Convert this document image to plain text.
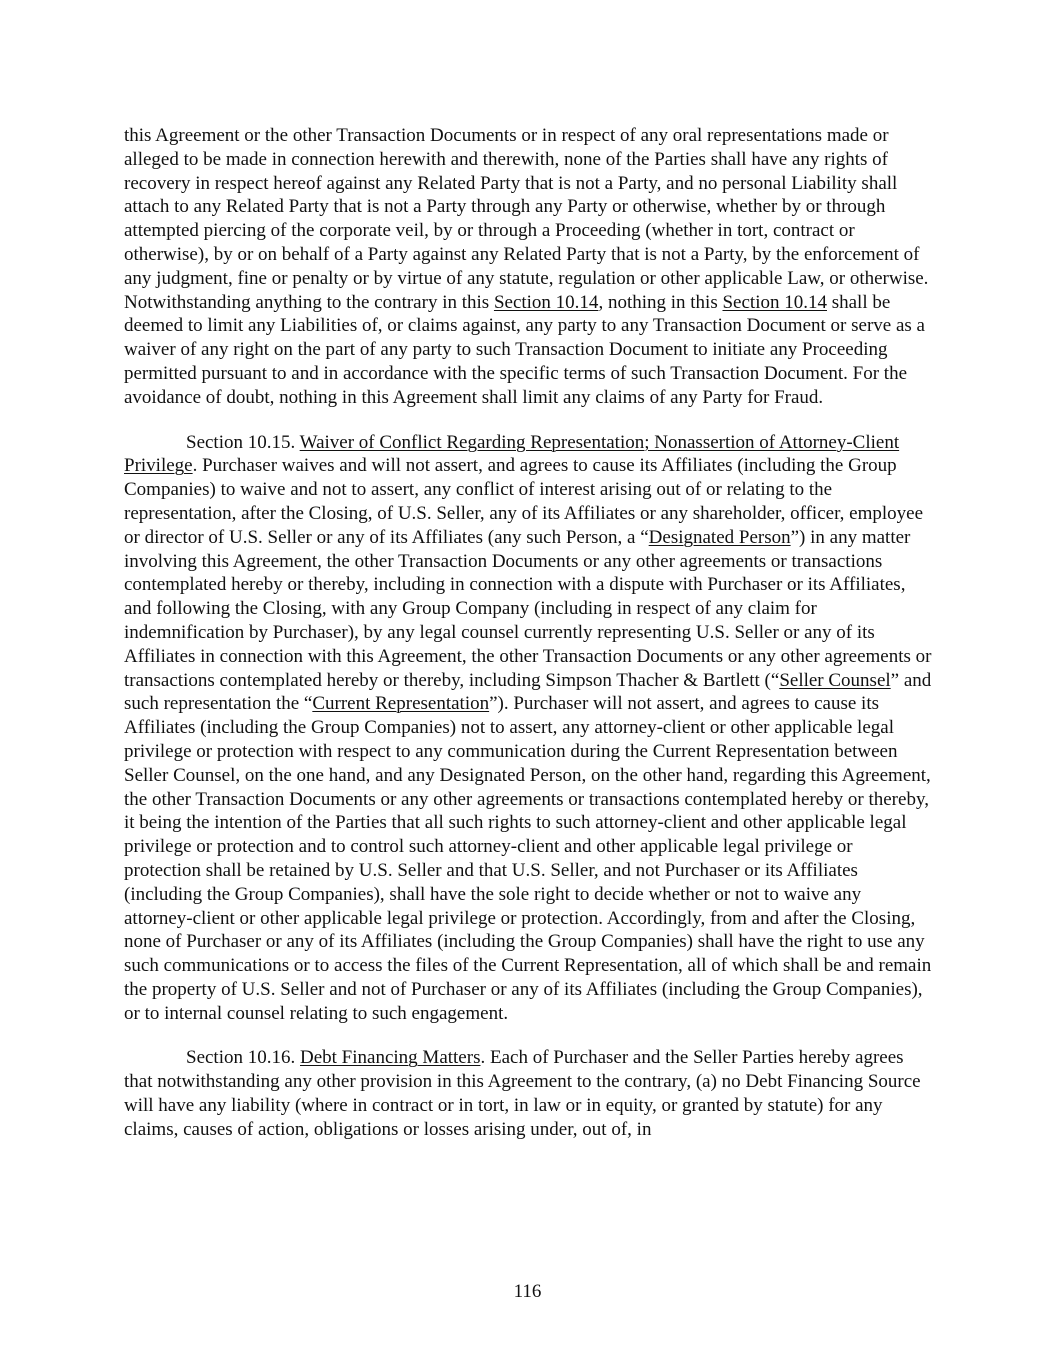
this Agreement or the other Transaction Documents or in respect of any oral representations made or alleged to be made in connection herewith and therewith, none of the Parties shall have any rights of recovery in respect hereof against any Related Party that is not a Party, and no personal Liability shall attach to any Related Party that is not a Party through any Party or otherwise, whether by or through attempted piercing of the corporate veil, by or through a Proceeding (whether in tort, contract or otherwise), by or on behalf of a Party against any Related Party that is not a Party, by the enforcement of any judgment, fine or penalty or by virtue of any statute, regulation or other applicable Law, or otherwise. Notwithstanding anything to the contrary in this Section 10.14, nothing in this Section 10.14 shall be deemed to limit any Liabilities of, or claims against, any party to any Transaction Document or serve as a waiver of any right on the part of any party to such Transaction Document to initiate any Proceeding permitted pursuant to and in accordance with the specific terms of such Transaction Document. For the avoidance of doubt, nothing in this Agreement shall limit any claims of any Party for Fraud.

Section 10.15. Waiver of Conflict Regarding Representation; Nonassertion of Attorney-Client Privilege. Purchaser waives and will not assert, and agrees to cause its Affiliates (including the Group Companies) to waive and not to assert, any conflict of interest arising out of or relating to the representation, after the Closing, of U.S. Seller, any of its Affiliates or any shareholder, officer, employee or director of U.S. Seller or any of its Affiliates (any such Person, a “Designated Person”) in any matter involving this Agreement, the other Transaction Documents or any other agreements or transactions contemplated hereby or thereby, including in connection with a dispute with Purchaser or its Affiliates, and following the Closing, with any Group Company (including in respect of any claim for indemnification by Purchaser), by any legal counsel currently representing U.S. Seller or any of its Affiliates in connection with this Agreement, the other Transaction Documents or any other agreements or transactions contemplated hereby or thereby, including Simpson Thacher & Bartlett (“Seller Counsel” and such representation the “Current Representation”). Purchaser will not assert, and agrees to cause its Affiliates (including the Group Companies) not to assert, any attorney-client or other applicable legal privilege or protection with respect to any communication during the Current Representation between Seller Counsel, on the one hand, and any Designated Person, on the other hand, regarding this Agreement, the other Transaction Documents or any other agreements or transactions contemplated hereby or thereby, it being the intention of the Parties that all such rights to such attorney-client and other applicable legal privilege or protection and to control such attorney-client and other applicable legal privilege or protection shall be retained by U.S. Seller and that U.S. Seller, and not Purchaser or its Affiliates (including the Group Companies), shall have the sole right to decide whether or not to waive any attorney-client or other applicable legal privilege or protection. Accordingly, from and after the Closing, none of Purchaser or any of its Affiliates (including the Group Companies) shall have the right to use any such communications or to access the files of the Current Representation, all of which shall be and remain the property of U.S. Seller and not of Purchaser or any of its Affiliates (including the Group Companies), or to internal counsel relating to such engagement.

Section 10.16. Debt Financing Matters. Each of Purchaser and the Seller Parties hereby agrees that notwithstanding any other provision in this Agreement to the contrary, (a) no Debt Financing Source will have any liability (where in contract or in tort, in law or in equity, or granted by statute) for any claims, causes of action, obligations or losses arising under, out of, in

116
